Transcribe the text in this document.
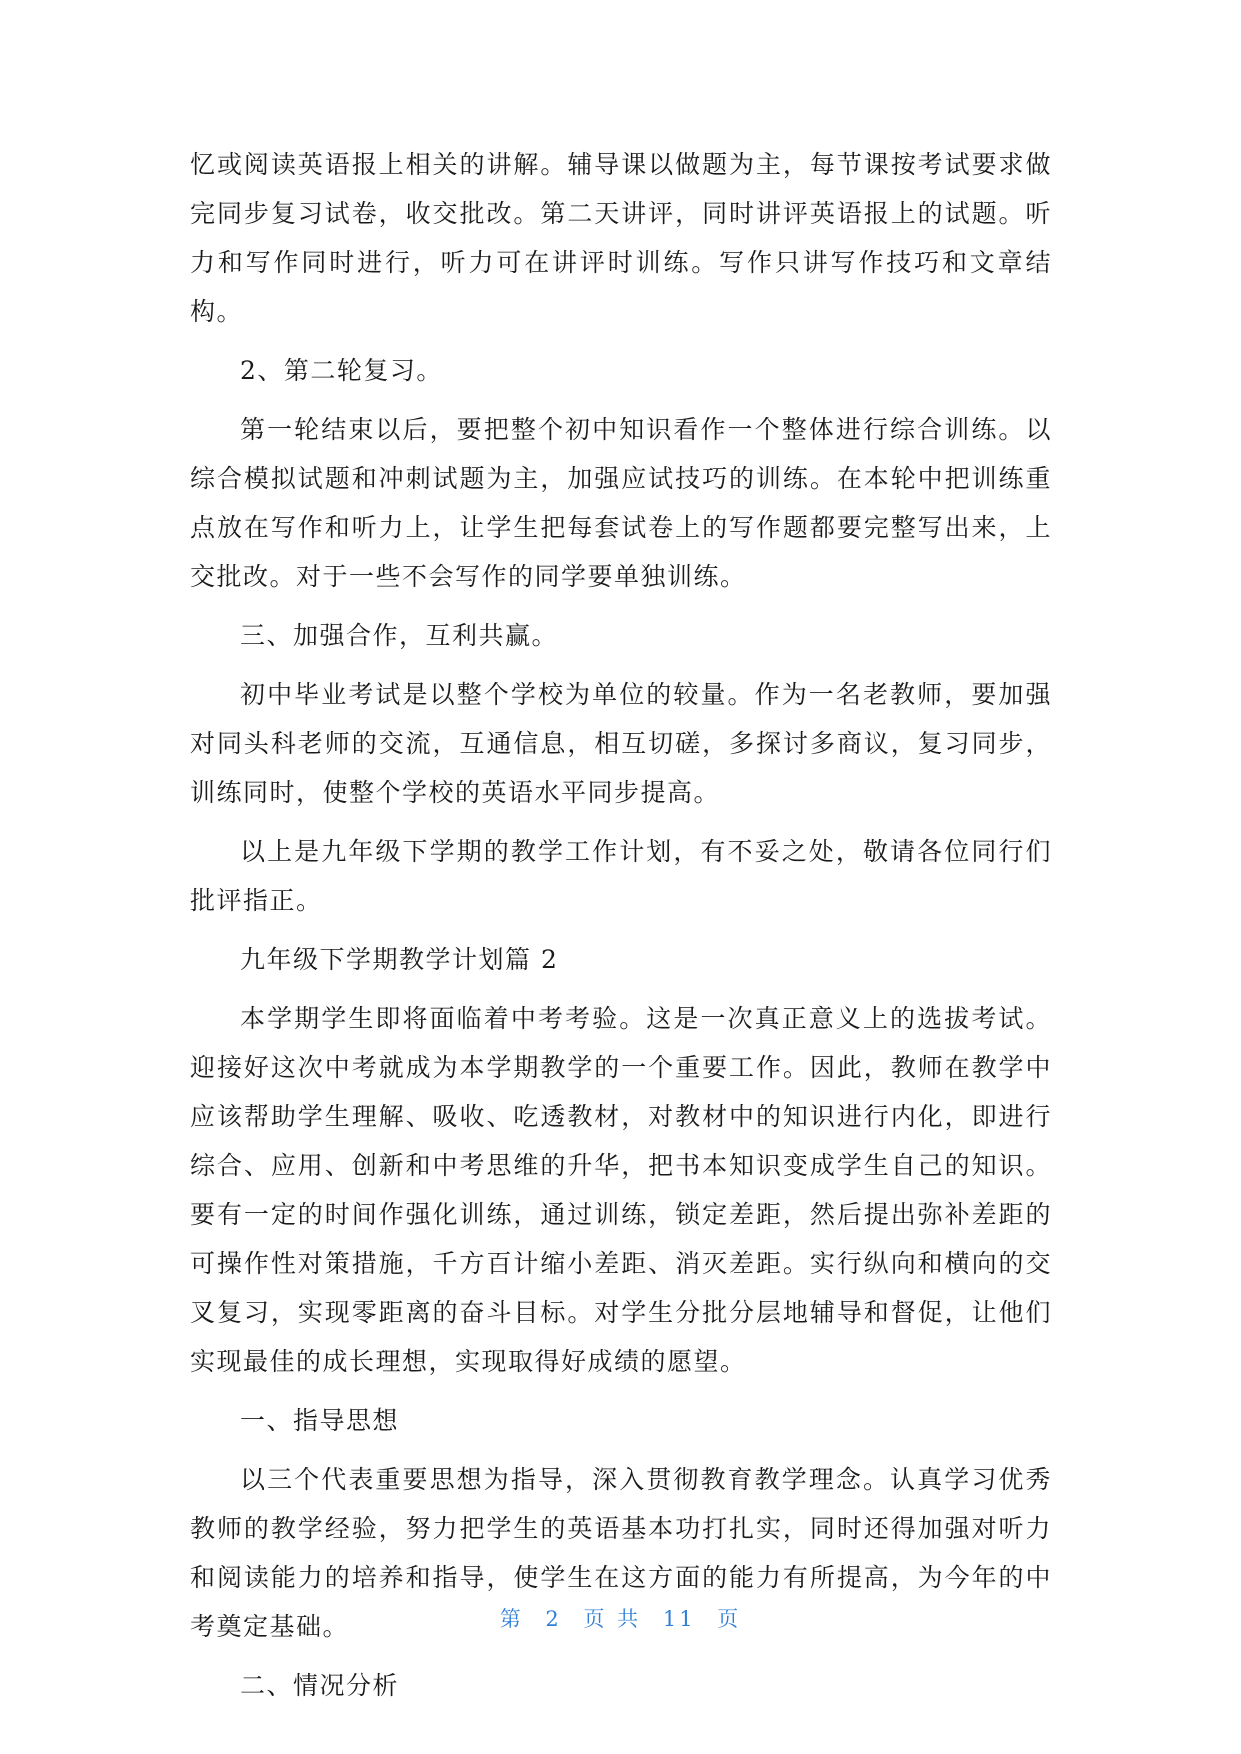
忆或阅读英语报上相关的讲解。辅导课以做题为主，每节课按考试要求做完同步复习试卷，收交批改。第二天讲评，同时讲评英语报上的试题。听力和写作同时进行，听力可在讲评时训练。写作只讲写作技巧和文章结构。

2、第二轮复习。

第一轮结束以后，要把整个初中知识看作一个整体进行综合训练。以综合模拟试题和冲刺试题为主，加强应试技巧的训练。在本轮中把训练重点放在写作和听力上，让学生把每套试卷上的写作题都要完整写出来，上交批改。对于一些不会写作的同学要单独训练。

三、加强合作，互利共赢。

初中毕业考试是以整个学校为单位的较量。作为一名老教师，要加强对同头科老师的交流，互通信息，相互切磋，多探讨多商议，复习同步，训练同时，使整个学校的英语水平同步提高。

以上是九年级下学期的教学工作计划，有不妥之处，敬请各位同行们批评指正。

九年级下学期教学计划篇 2

本学期学生即将面临着中考考验。这是一次真正意义上的选拔考试。迎接好这次中考就成为本学期教学的一个重要工作。因此，教师在教学中应该帮助学生理解、吸收、吃透教材，对教材中的知识进行内化，即进行综合、应用、创新和中考思维的升华，把书本知识变成学生自己的知识。要有一定的时间作强化训练，通过训练，锁定差距，然后提出弥补差距的可操作性对策措施，千方百计缩小差距、消灭差距。实行纵向和横向的交叉复习，实现零距离的奋斗目标。对学生分批分层地辅导和督促，让他们实现最佳的成长理想，实现取得好成绩的愿望。

一、指导思想

以三个代表重要思想为指导，深入贯彻教育教学理念。认真学习优秀教师的教学经验，努力把学生的英语基本功打扎实，同时还得加强对听力和阅读能力的培养和指导，使学生在这方面的能力有所提高，为今年的中考奠定基础。

二、情况分析

第 2 页 共 11 页
